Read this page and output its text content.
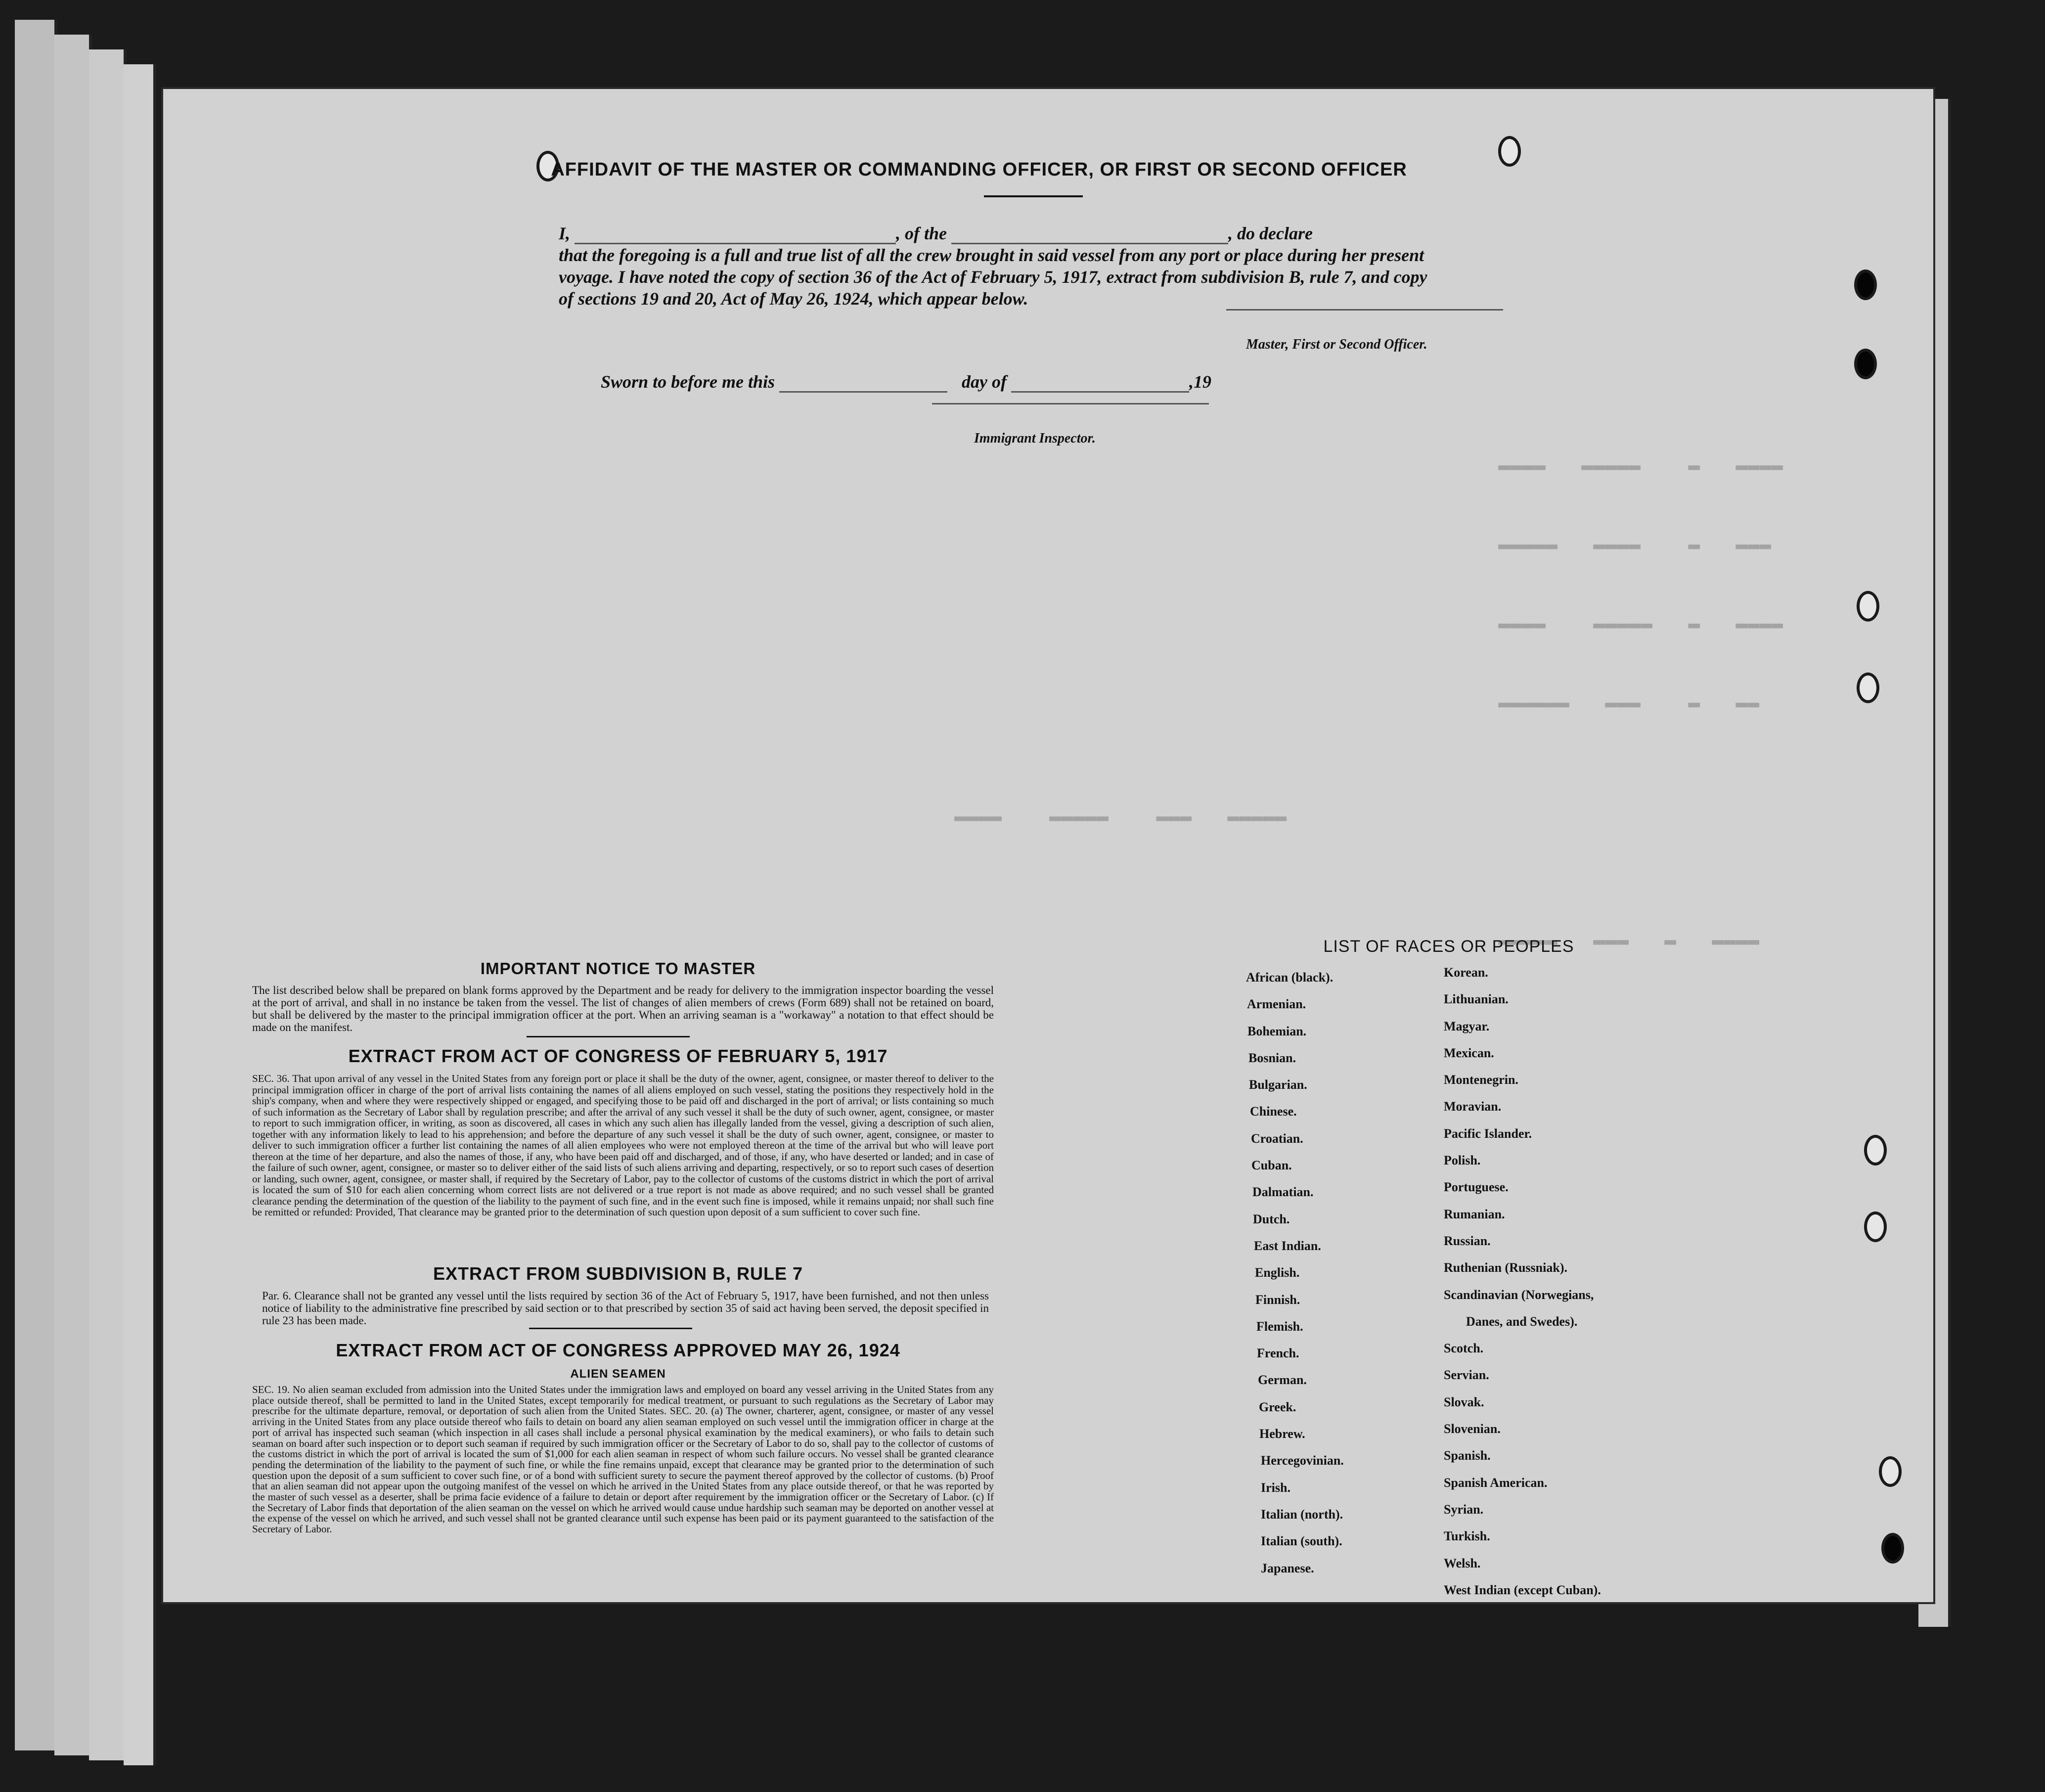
▬▬▬▬   ▬▬▬▬▬    ▬   ▬▬▬▬
▬▬▬▬▬   ▬▬▬▬    ▬   ▬▬▬
▬▬▬▬    ▬▬▬▬▬   ▬   ▬▬▬▬
▬▬▬▬▬▬   ▬▬▬    ▬   ▬▬
▬▬▬▬    ▬▬▬▬▬    ▬▬▬   ▬▬▬▬▬
▬▬▬▬▬   ▬▬▬   ▬   ▬▬▬▬
AFFIDAVIT OF THE MASTER OR COMMANDING OFFICER, OR FIRST OR SECOND OFFICER
I,	, of the	, do declare
that the foregoing is a full and true list of all the crew brought in said vessel from any port or place during her present
voyage. I have noted the copy of section 36 of the Act of February 5, 1917, extract from subdivision B, rule 7, and copy
of sections 19 and 20, Act of May 26, 1924, which appear below.
Master, First or Second Officer.
Sworn to before me this	day of	,19
Immigrant Inspector.
IMPORTANT NOTICE TO MASTER
The list described below shall be prepared on blank forms approved by the Department and be ready for delivery to the immigration inspector boarding the vessel at the port of arrival, and shall in no instance be taken from the vessel. The list of changes of alien members of crews (Form 689) shall not be retained on board, but shall be delivered by the master to the principal immigration officer at the port. When an arriving seaman is a "workaway" a notation to that effect should be made on the manifest.
EXTRACT FROM ACT OF CONGRESS OF FEBRUARY 5, 1917
SEC. 36. That upon arrival of any vessel in the United States from any foreign port or place it shall be the duty of the owner, agent, consignee, or master thereof to deliver to the principal immigration officer in charge of the port of arrival lists containing the names of all aliens employed on such vessel, stating the positions they respectively hold in the ship's company, when and where they were respectively shipped or engaged, and specifying those to be paid off and discharged in the port of arrival; or lists containing so much of such information as the Secretary of Labor shall by regulation prescribe; and after the arrival of any such vessel it shall be the duty of such owner, agent, consignee, or master to report to such immigration officer, in writing, as soon as discovered, all cases in which any such alien has illegally landed from the vessel, giving a description of such alien, together with any information likely to lead to his apprehension; and before the departure of any such vessel it shall be the duty of such owner, agent, consignee, or master to deliver to such immigration officer a further list containing the names of all alien employees who were not employed thereon at the time of the arrival but who will leave port thereon at the time of her departure, and also the names of those, if any, who have been paid off and discharged, and of those, if any, who have deserted or landed; and in case of the failure of such owner, agent, consignee, or master so to deliver either of the said lists of such aliens arriving and departing, respectively, or so to report such cases of desertion or landing, such owner, agent, consignee, or master shall, if required by the Secretary of Labor, pay to the collector of customs of the customs district in which the port of arrival is located the sum of $10 for each alien concerning whom correct lists are not delivered or a true report is not made as above required; and no such vessel shall be granted clearance pending the determination of the question of the liability to the payment of such fine, and in the event such fine is imposed, while it remains unpaid; nor shall such fine be remitted or refunded: Provided, That clearance may be granted prior to the determination of such question upon deposit of a sum sufficient to cover such fine.
EXTRACT FROM SUBDIVISION B, RULE 7
Par. 6. Clearance shall not be granted any vessel until the lists required by section 36 of the Act of February 5, 1917, have been furnished, and not then unless notice of liability to the administrative fine prescribed by said section or to that prescribed by section 35 of said act having been served, the deposit specified in rule 23 has been made.
EXTRACT FROM ACT OF CONGRESS APPROVED MAY 26, 1924
ALIEN SEAMEN
SEC. 19. No alien seaman excluded from admission into the United States under the immigration laws and employed on board any vessel arriving in the United States from any place outside thereof, shall be permitted to land in the United States, except temporarily for medical treatment, or pursuant to such regulations as the Secretary of Labor may prescribe for the ultimate departure, removal, or deportation of such alien from the United States. SEC. 20. (a) The owner, charterer, agent, consignee, or master of any vessel arriving in the United States from any place outside thereof who fails to detain on board any alien seaman employed on such vessel until the immigration officer in charge at the port of arrival has inspected such seaman (which inspection in all cases shall include a personal physical examination by the medical examiners), or who fails to detain such seaman on board after such inspection or to deport such seaman if required by such immigration officer or the Secretary of Labor to do so, shall pay to the collector of customs of the customs district in which the port of arrival is located the sum of $1,000 for each alien seaman in respect of whom such failure occurs. No vessel shall be granted clearance pending the determination of the liability to the payment of such fine, or while the fine remains unpaid, except that clearance may be granted prior to the determination of such question upon the deposit of a sum sufficient to cover such fine, or of a bond with sufficient surety to secure the payment thereof approved by the collector of customs. (b) Proof that an alien seaman did not appear upon the outgoing manifest of the vessel on which he arrived in the United States from any place outside thereof, or that he was reported by the master of such vessel as a deserter, shall be prima facie evidence of a failure to detain or deport after requirement by the immigration officer or the Secretary of Labor. (c) If the Secretary of Labor finds that deportation of the alien seaman on the vessel on which he arrived would cause undue hardship such seaman may be deported on another vessel at the expense of the vessel on which he arrived, and such vessel shall not be granted clearance until such expense has been paid or its payment guaranteed to the satisfaction of the Secretary of Labor.
LIST OF RACES OR PEOPLES
African (black).
Armenian.
Bohemian.
Bosnian.
Bulgarian.
Chinese.
Croatian.
Cuban.
Dalmatian.
Dutch.
East Indian.
English.
Finnish.
Flemish.
French.
German.
Greek.
Hebrew.
Hercegovinian.
Irish.
Italian (north).
Italian (south).
Japanese.
Korean.
Lithuanian.
Magyar.
Mexican.
Montenegrin.
Moravian.
Pacific Islander.
Polish.
Portuguese.
Rumanian.
Russian.
Ruthenian (Russniak).
Scandinavian (Norwegians,
Danes, and Swedes).
Scotch.
Servian.
Slovak.
Slovenian.
Spanish.
Spanish American.
Syrian.
Turkish.
Welsh.
West Indian (except Cuban).
